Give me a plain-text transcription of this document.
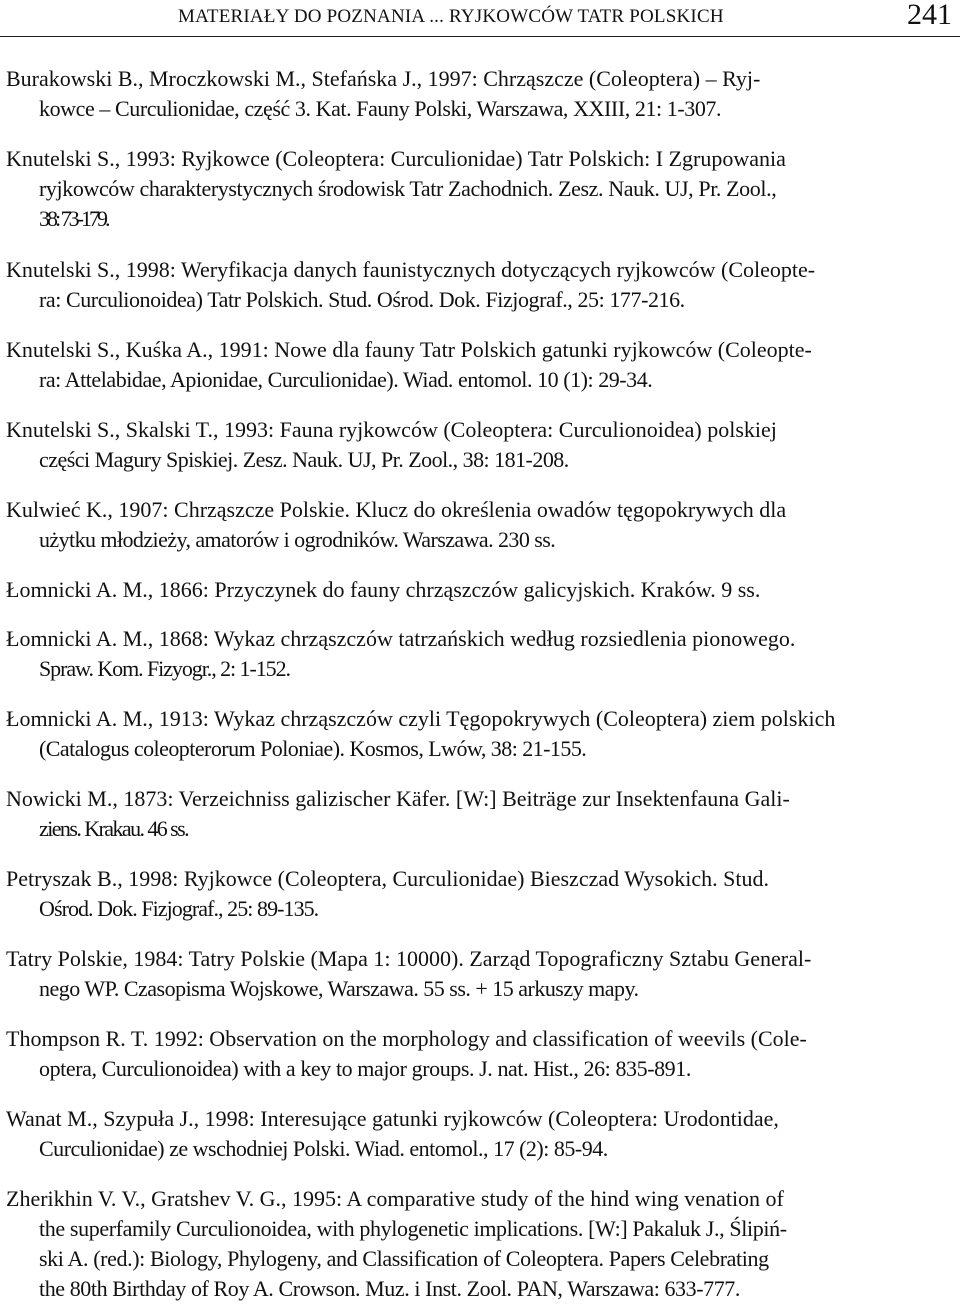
MATERIAŁY DO POZNANIA ... RYJKOWCÓW TATR POLSKICH	241
Burakowski B., Mroczkowski M., Stefańska J., 1997: Chrząszcze (Coleoptera) – Ryj-
kowce – Curculionidae, część 3. Kat. Fauny Polski, Warszawa, XXIII, 21: 1-307.
Knutelski S., 1993: Ryjkowce (Coleoptera: Curculionidae) Tatr Polskich: I Zgrupowania
ryjkowców charakterystycznych środowisk Tatr Zachodnich. Zesz. Nauk. UJ, Pr. Zool.,
38: 73-179.
Knutelski S., 1998: Weryfikacja danych faunistycznych dotyczących ryjkowców (Coleopte-
ra: Curculionoidea) Tatr Polskich. Stud. Ośrod. Dok. Fizjograf., 25: 177-216.
Knutelski S., Kuśka A., 1991: Nowe dla fauny Tatr Polskich gatunki ryjkowców (Coleopte-
ra: Attelabidae, Apionidae, Curculionidae). Wiad. entomol. 10 (1): 29-34.
Knutelski S., Skalski T., 1993: Fauna ryjkowców (Coleoptera: Curculionoidea) polskiej
części Magury Spiskiej. Zesz. Nauk. UJ, Pr. Zool., 38: 181-208.
Kulwieć K., 1907: Chrząszcze Polskie. Klucz do określenia owadów tęgopokrywych dla
użytku młodzieży, amatorów i ogrodników. Warszawa. 230 ss.
Łomnicki A. M., 1866: Przyczynek do fauny chrząszczów galicyjskich. Kraków. 9 ss.
Łomnicki A. M., 1868: Wykaz chrząszczów tatrzańskich według rozsiedlenia pionowego.
Spraw. Kom. Fizyogr., 2: 1-152.
Łomnicki A. M., 1913: Wykaz chrząszczów czyli Tęgopokrywych (Coleoptera) ziem polskich
(Catalogus coleopterorum Poloniae). Kosmos, Lwów, 38: 21-155.
Nowicki M., 1873: Verzeichniss galizischer Käfer. [W:] Beiträge zur Insektenfauna Gali-
ziens. Krakau. 46 ss.
Petryszak B., 1998: Ryjkowce (Coleoptera, Curculionidae) Bieszczad Wysokich. Stud.
Ośrod. Dok. Fizjograf., 25: 89-135.
Tatry Polskie, 1984: Tatry Polskie (Mapa 1: 10000). Zarząd Topograficzny Sztabu General-
nego WP. Czasopisma Wojskowe, Warszawa. 55 ss. + 15 arkuszy mapy.
Thompson R. T. 1992: Observation on the morphology and classification of weevils (Cole-
optera, Curculionoidea) with a key to major groups. J. nat. Hist., 26: 835-891.
Wanat M., Szypuła J., 1998: Interesujące gatunki ryjkowców (Coleoptera: Urodontidae,
Curculionidae) ze wschodniej Polski. Wiad. entomol., 17 (2): 85-94.
Zherikhin V. V., Gratshev V. G., 1995: A comparative study of the hind wing venation of
the superfamily Curculionoidea, with phylogenetic implications. [W:] Pakaluk J., Ślipiń-
ski A. (red.): Biology, Phylogeny, and Classification of Coleoptera. Papers Celebrating
the 80th Birthday of Roy A. Crowson. Muz. i Inst. Zool. PAN, Warszawa: 633-777.
